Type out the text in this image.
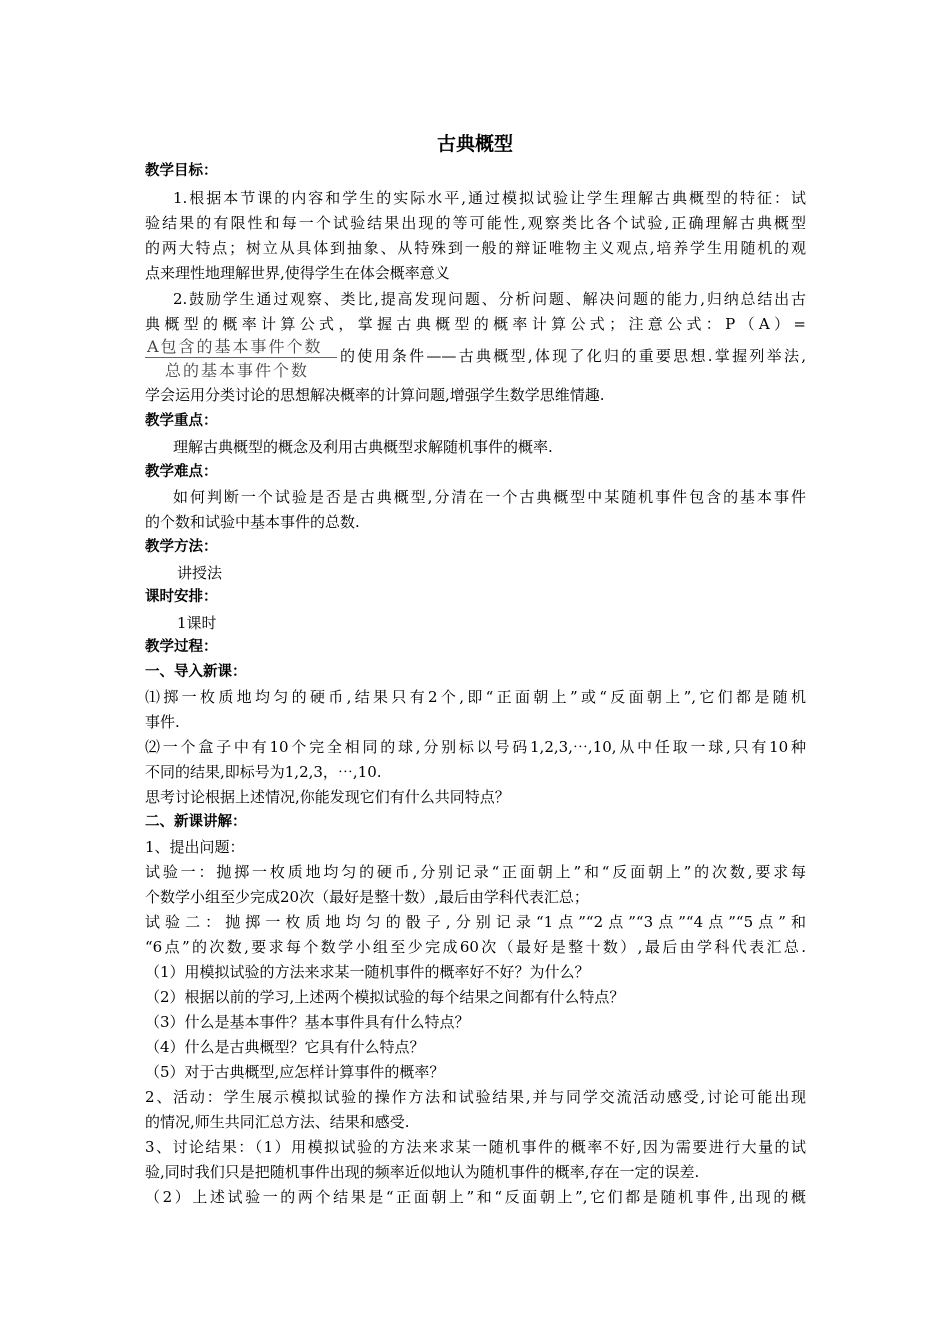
古典概型
教学目标：
1.根据本节课的内容和学生的实际水平,通过模拟试验让学生理解古典概型的特征：试
验结果的有限性和每一个试验结果出现的等可能性,观察类比各个试验,正确理解古典概型
的两大特点；树立从具体到抽象、从特殊到一般的辩证唯物主义观点,培养学生用随机的观
点来理性地理解世界,使得学生在体会概率意义
2.鼓励学生通过观察、类比,提高发现问题、分析问题、解决问题的能力,归纳总结出古
典概型的概率计算公式，掌握古典概型的概率计算公式；注意公式：P（A）=
A包含的基本事件个数
总的基本事件个数
的使用条件——古典概型,体现了化归的重要思想.掌握列举法,
学会运用分类讨论的思想解决概率的计算问题,增强学生数学思维情趣.
教学重点：
理解古典概型的概念及利用古典概型求解随机事件的概率.
教学难点：
如何判断一个试验是否是古典概型,分清在一个古典概型中某随机事件包含的基本事件
的个数和试验中基本事件的总数.
教学方法：
讲授法
课时安排：
1课时
教学过程：
一、导入新课：
⑴掷一枚质地均匀的硬币,结果只有2个,即“正面朝上”或“反面朝上”,它们都是随机
事件.
⑵一个盒子中有10个完全相同的球,分别标以号码1,2,3,⋯,10,从中任取一球,只有10种
不同的结果,即标号为1,2,3，⋯,10.
思考讨论根据上述情况,你能发现它们有什么共同特点？
二、新课讲解：
1、提出问题：
试验一：抛掷一枚质地均匀的硬币,分别记录“正面朝上”和“反面朝上”的次数,要求每
个数学小组至少完成20次（最好是整十数）,最后由学科代表汇总；
试验二：抛掷一枚质地均匀的骰子,分别记录“1点”“2点”“3点”“4点”“5点”和
“6点”的次数,要求每个数学小组至少完成60次（最好是整十数）,最后由学科代表汇总.
（1）用模拟试验的方法来求某一随机事件的概率好不好？为什么？
（2）根据以前的学习,上述两个模拟试验的每个结果之间都有什么特点？
（3）什么是基本事件？基本事件具有什么特点？
（4）什么是古典概型？它具有什么特点？
（5）对于古典概型,应怎样计算事件的概率？
2、活动：学生展示模拟试验的操作方法和试验结果,并与同学交流活动感受,讨论可能出现
的情况,师生共同汇总方法、结果和感受.
3、讨论结果：（1）用模拟试验的方法来求某一随机事件的概率不好,因为需要进行大量的试
验,同时我们只是把随机事件出现的频率近似地认为随机事件的概率,存在一定的误差.
（2）上述试验一的两个结果是“正面朝上”和“反面朝上”,它们都是随机事件,出现的概
